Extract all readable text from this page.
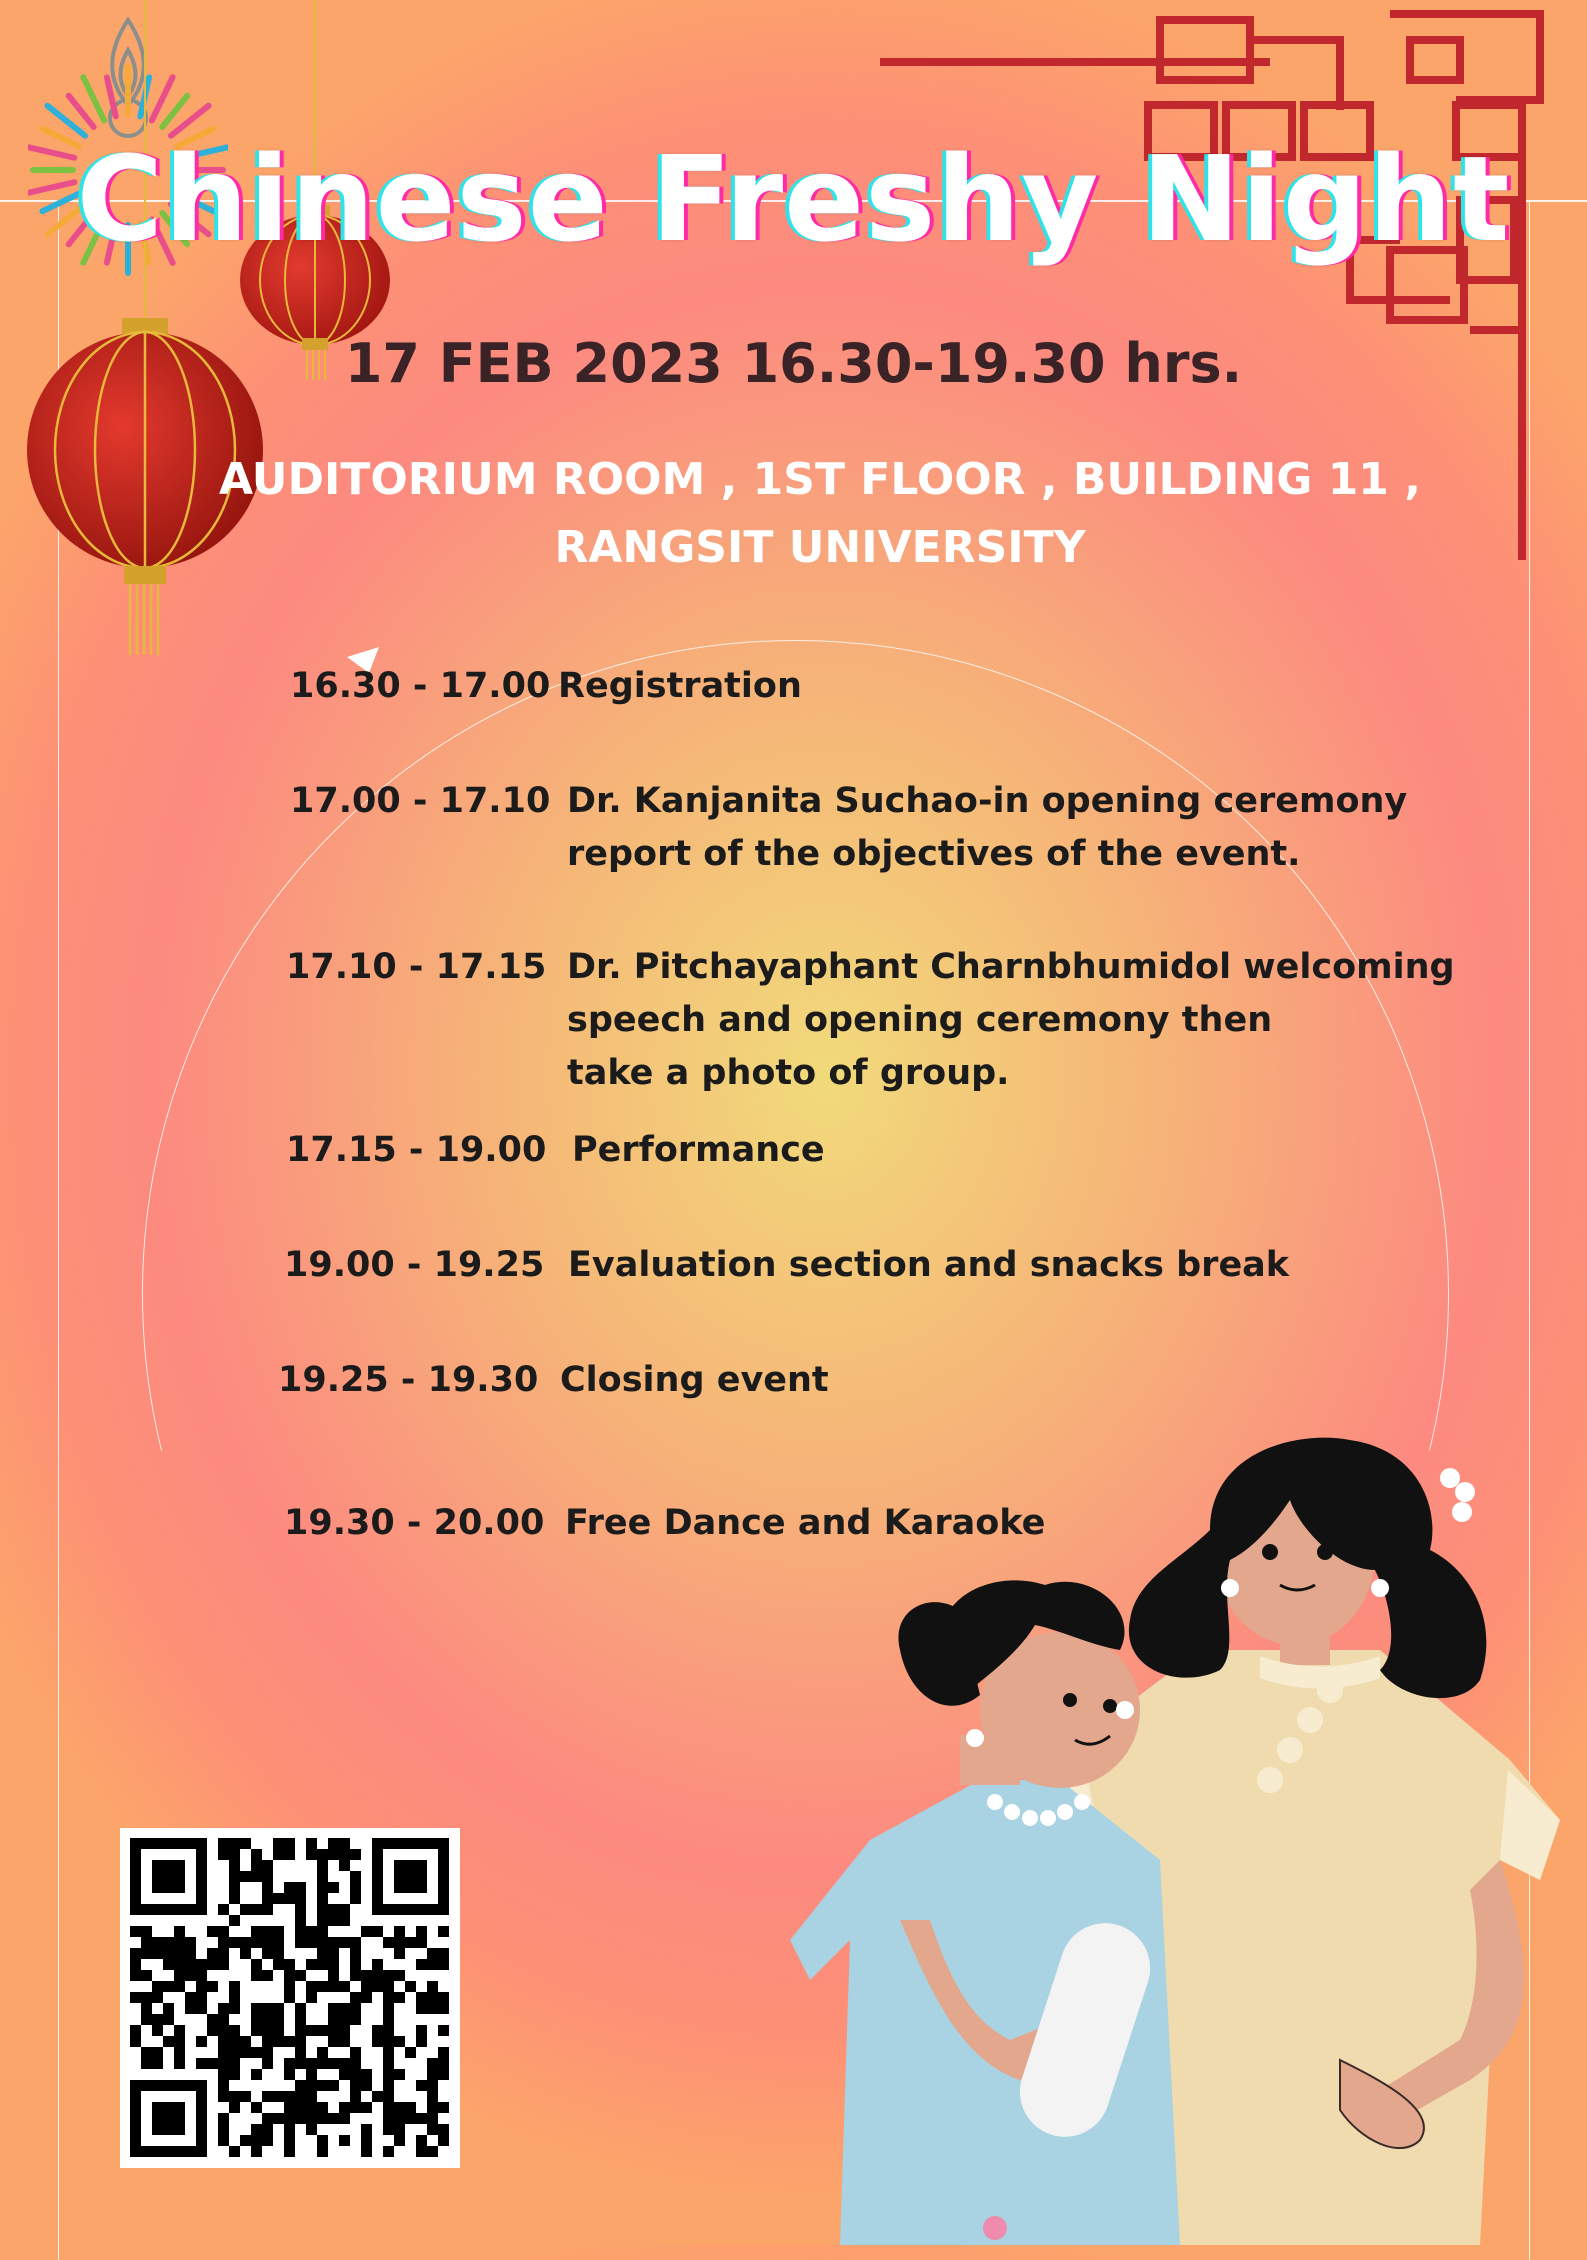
Chinese Freshy Night
17 FEB 2023 16.30-19.30 hrs.
AUDITORIUM ROOM , 1ST FLOOR , BUILDING 11 ,
RANGSIT UNIVERSITY
16.30 - 17.00 Registration
17.00 - 17.10 Dr. Kanjanita Suchao-in opening ceremony
report of the objectives of the event.
17.10 - 17.15 Dr. Pitchayaphant Charnbhumidol welcoming
speech and opening ceremony then
take a photo of group.
17.15 - 19.00 Performance
19.00 - 19.25 Evaluation section and snacks break
19.25 - 19.30 Closing event
19.30 - 20.00 Free Dance and Karaoke
